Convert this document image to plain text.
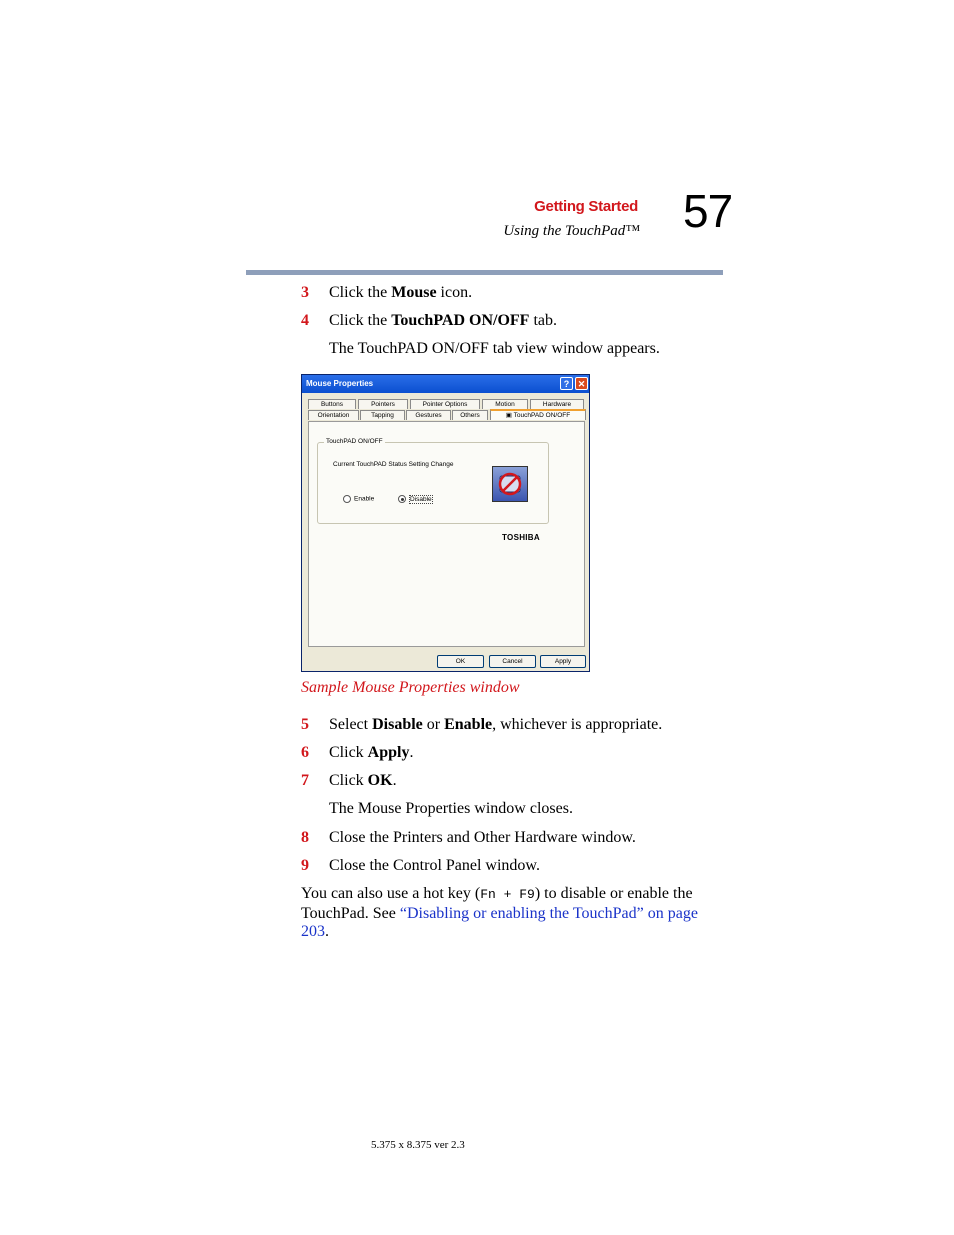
Getting Started
Using the TouchPad™ 57
3 Click the Mouse icon.
4 Click the TouchPAD ON/OFF tab.
The TouchPAD ON/OFF tab view window appears.
Mouse Properties	? ✕
Buttons	Pointers	Pointer Options	Motion	Hardware
Orientation	Tapping	Gestures	Others	▣ TouchPAD ON/OFF
TouchPAD ON/OFF
Current TouchPAD Status Setting Change
Enable	Disable
TOSHIBA
OK	Cancel	Apply
Sample Mouse Properties window
5 Select Disable or Enable, whichever is appropriate.
6 Click Apply.
7 Click OK.
The Mouse Properties window closes.
8 Close the Printers and Other Hardware window.
9 Close the Control Panel window.
You can also use a hot key (Fn + F9) to disable or enable the TouchPad. See “Disabling or enabling the TouchPad” on page 203.
5.375 x 8.375 ver 2.3
